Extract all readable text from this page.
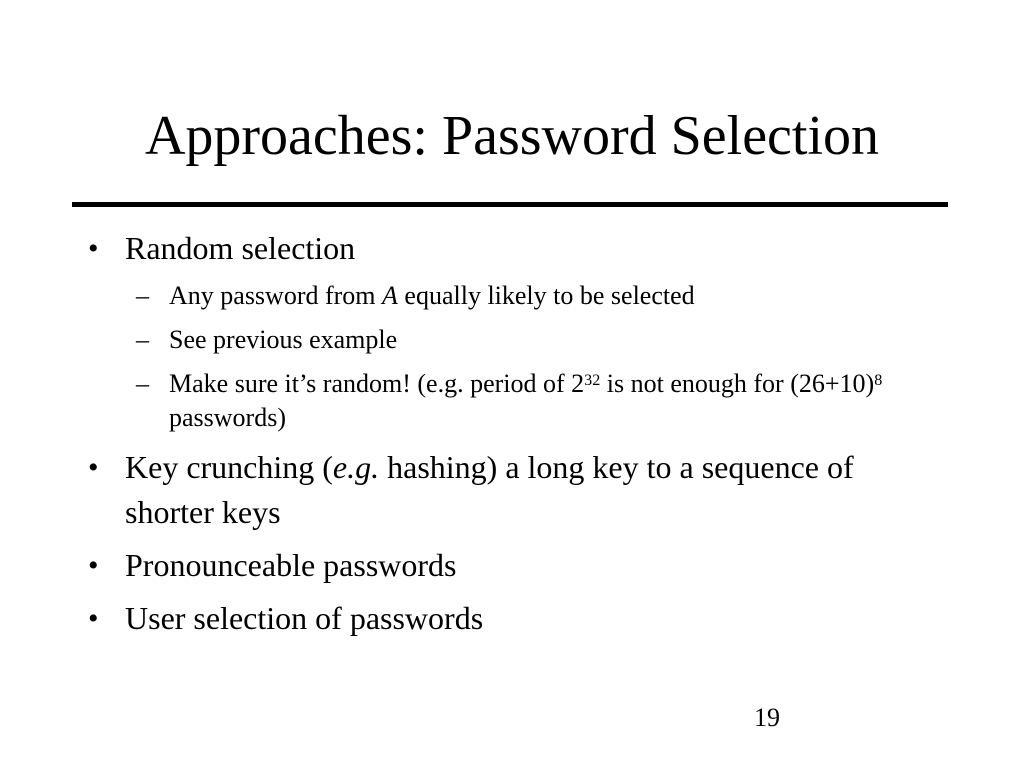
Approaches: Password Selection
• Random selection
– Any password from A equally likely to be selected
– See previous example
– Make sure it’s random! (e.g. period of $2^{32}$ is not enough for $(26+10)^8$ passwords)
• Key crunching (e.g. hashing) a long key to a sequence of shorter keys
• Pronounceable passwords
• User selection of passwords
19
